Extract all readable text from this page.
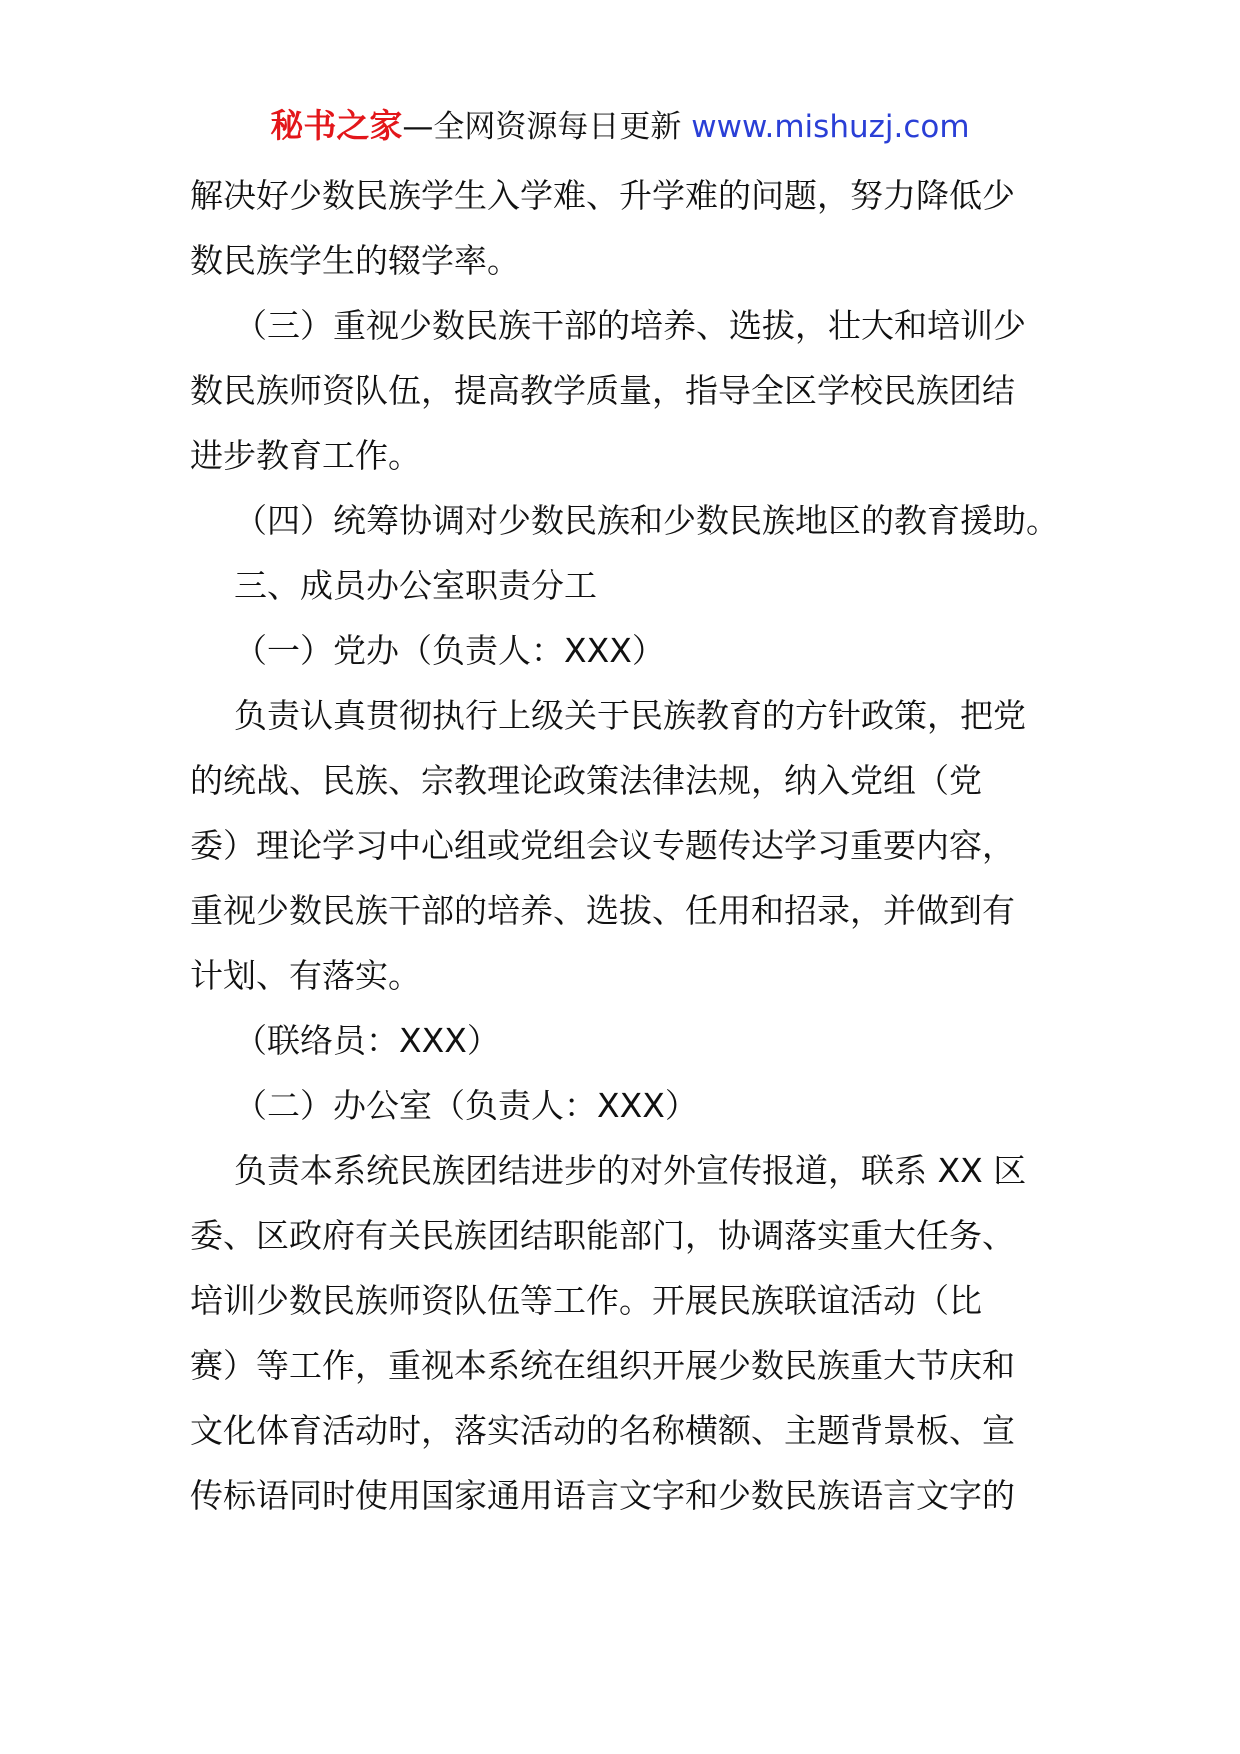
秘书之家—全网资源每日更新 www.mishuzj.com
解决好少数民族学生入学难、升学难的问题，努力降低少
数民族学生的辍学率。
（三）重视少数民族干部的培养、选拔，壮大和培训少
数民族师资队伍，提高教学质量，指导全区学校民族团结
进步教育工作。
（四）统筹协调对少数民族和少数民族地区的教育援助。
三、成员办公室职责分工
（一）党办（负责人：XXX）
负责认真贯彻执行上级关于民族教育的方针政策，把党
的统战、民族、宗教理论政策法律法规，纳入党组（党
委）理论学习中心组或党组会议专题传达学习重要内容，
重视少数民族干部的培养、选拔、任用和招录，并做到有
计划、有落实。
（联络员：XXX）
（二）办公室（负责人：XXX）
负责本系统民族团结进步的对外宣传报道，联系 XX 区
委、区政府有关民族团结职能部门，协调落实重大任务、
培训少数民族师资队伍等工作。开展民族联谊活动（比
赛）等工作，重视本系统在组织开展少数民族重大节庆和
文化体育活动时，落实活动的名称横额、主题背景板、宣
传标语同时使用国家通用语言文字和少数民族语言文字的
